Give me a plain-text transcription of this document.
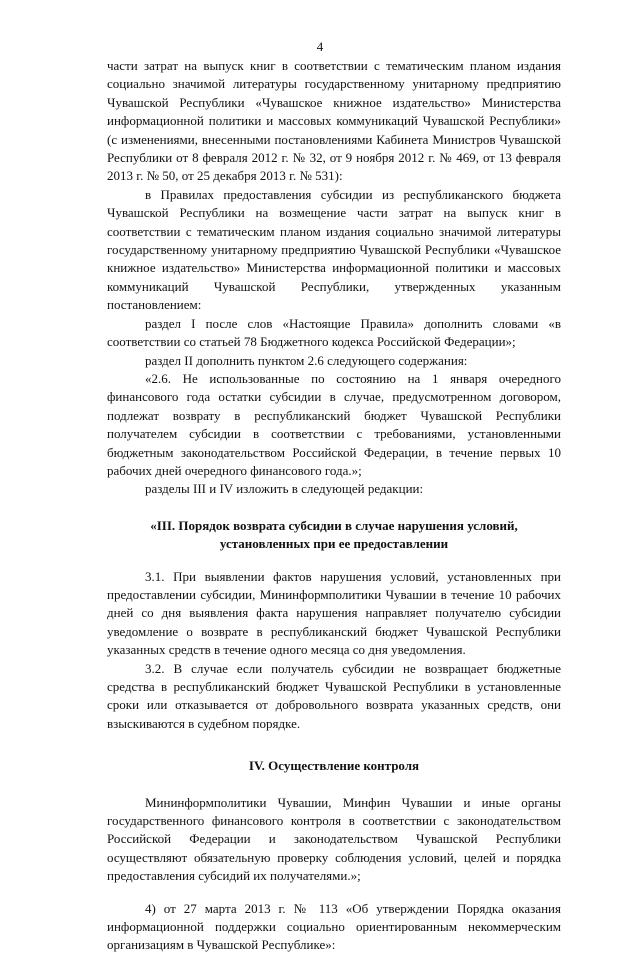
4

части затрат на выпуск книг в соответствии с тематическим планом издания социально значимой литературы государственному унитарному предприятию Чувашской Республики «Чувашское книжное издательство» Министерства информационной политики и массовых коммуникаций Чувашской Республики» (с изменениями, внесенными постановлениями Кабинета Министров Чувашской Республики от 8 февраля 2012 г. № 32, от 9 ноября 2012 г. № 469, от 13 февраля 2013 г. № 50, от 25 декабря 2013 г. № 531):

в Правилах предоставления субсидии из республиканского бюджета Чувашской Республики на возмещение части затрат на выпуск книг в соответствии с тематическим планом издания социально значимой литературы государственному унитарному предприятию Чувашской Республики «Чувашское книжное издательство» Министерства информационной политики и массовых коммуникаций Чувашской Республики, утвержденных указанным постановлением:

раздел I после слов «Настоящие Правила» дополнить словами «в соответствии со статьей 78 Бюджетного кодекса Российской Федерации»;

раздел II дополнить пунктом 2.6 следующего содержания:

«2.6. Не использованные по состоянию на 1 января очередного финансового года остатки субсидии в случае, предусмотренном договором, подлежат возврату в республиканский бюджет Чувашской Республики получателем субсидии в соответствии с требованиями, установленными бюджетным законодательством Российской Федерации, в течение первых 10 рабочих дней очередного финансового года.»;

разделы III и IV изложить в следующей редакции:

«III. Порядок возврата субсидии в случае нарушения условий,
установленных при ее предоставлении

3.1. При выявлении фактов нарушения условий, установленных при предоставлении субсидии, Мининформполитики Чувашии в течение 10 рабочих дней со дня выявления факта нарушения направляет получателю субсидии уведомление о возврате в республиканский бюджет Чувашской Республики указанных средств в течение одного месяца со дня уведомления.

3.2. В случае если получатель субсидии не возвращает бюджетные средства в республиканский бюджет Чувашской Республики в установленные сроки или отказывается от добровольного возврата указанных средств, они взыскиваются в судебном порядке.

IV. Осуществление контроля

Мининформполитики Чувашии, Минфин Чувашии и иные органы государственного финансового контроля в соответствии с законодательством Российской Федерации и законодательством Чувашской Республики осуществляют обязательную проверку соблюдения условий, целей и порядка предоставления субсидий их получателями.»;

4) от 27 марта 2013 г. № 113 «Об утверждении Порядка оказания информационной поддержки социально ориентированным некоммерческим организациям в Чувашской Республике»:
